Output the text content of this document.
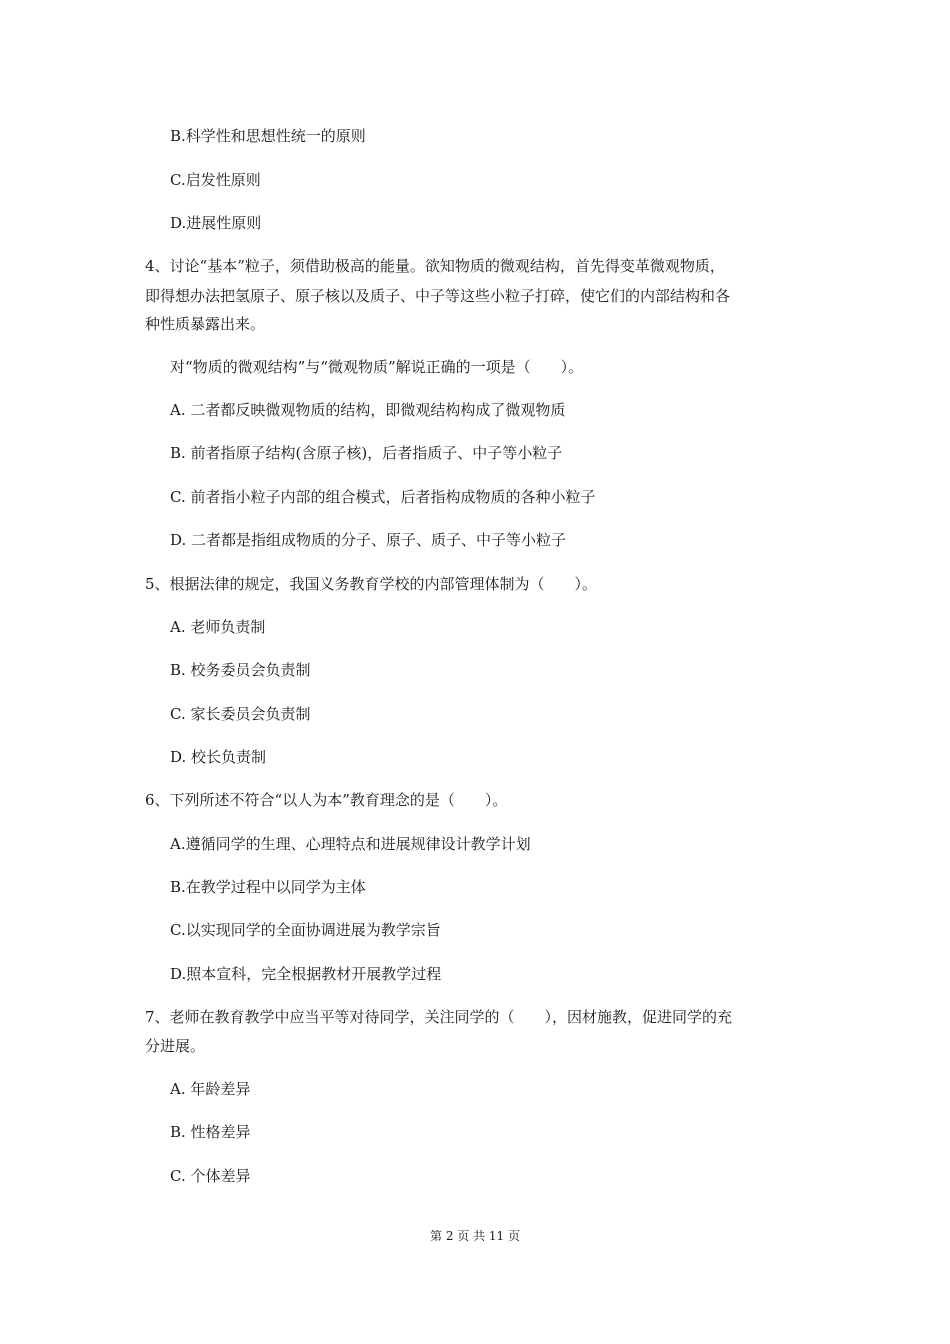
B.科学性和思想性统一的原则
C.启发性原则
D.进展性原则
4、讨论“基本”粒子，须借助极高的能量。欲知物质的微观结构，首先得变革微观物质，
即得想办法把氢原子、原子核以及质子、中子等这些小粒子打碎，使它们的内部结构和各
种性质暴露出来。
对“物质的微观结构”与“微观物质”解说正确的一项是（　　）。
A. 二者都反映微观物质的结构，即微观结构构成了微观物质
B. 前者指原子结构(含原子核)，后者指质子、中子等小粒子
C. 前者指小粒子内部的组合模式，后者指构成物质的各种小粒子
D. 二者都是指组成物质的分子、原子、质子、中子等小粒子
5、根据法律的规定，我国义务教育学校的内部管理体制为（　　）。
A. 老师负责制
B. 校务委员会负责制
C. 家长委员会负责制
D. 校长负责制
6、下列所述不符合“以人为本”教育理念的是（　　）。
A.遵循同学的生理、心理特点和进展规律设计教学计划
B.在教学过程中以同学为主体
C.以实现同学的全面协调进展为教学宗旨
D.照本宣科，完全根据教材开展教学过程
7、老师在教育教学中应当平等对待同学，关注同学的（　　），因材施教，促进同学的充
分进展。
A. 年龄差异
B. 性格差异
C. 个体差异
第 2 页 共 11 页
